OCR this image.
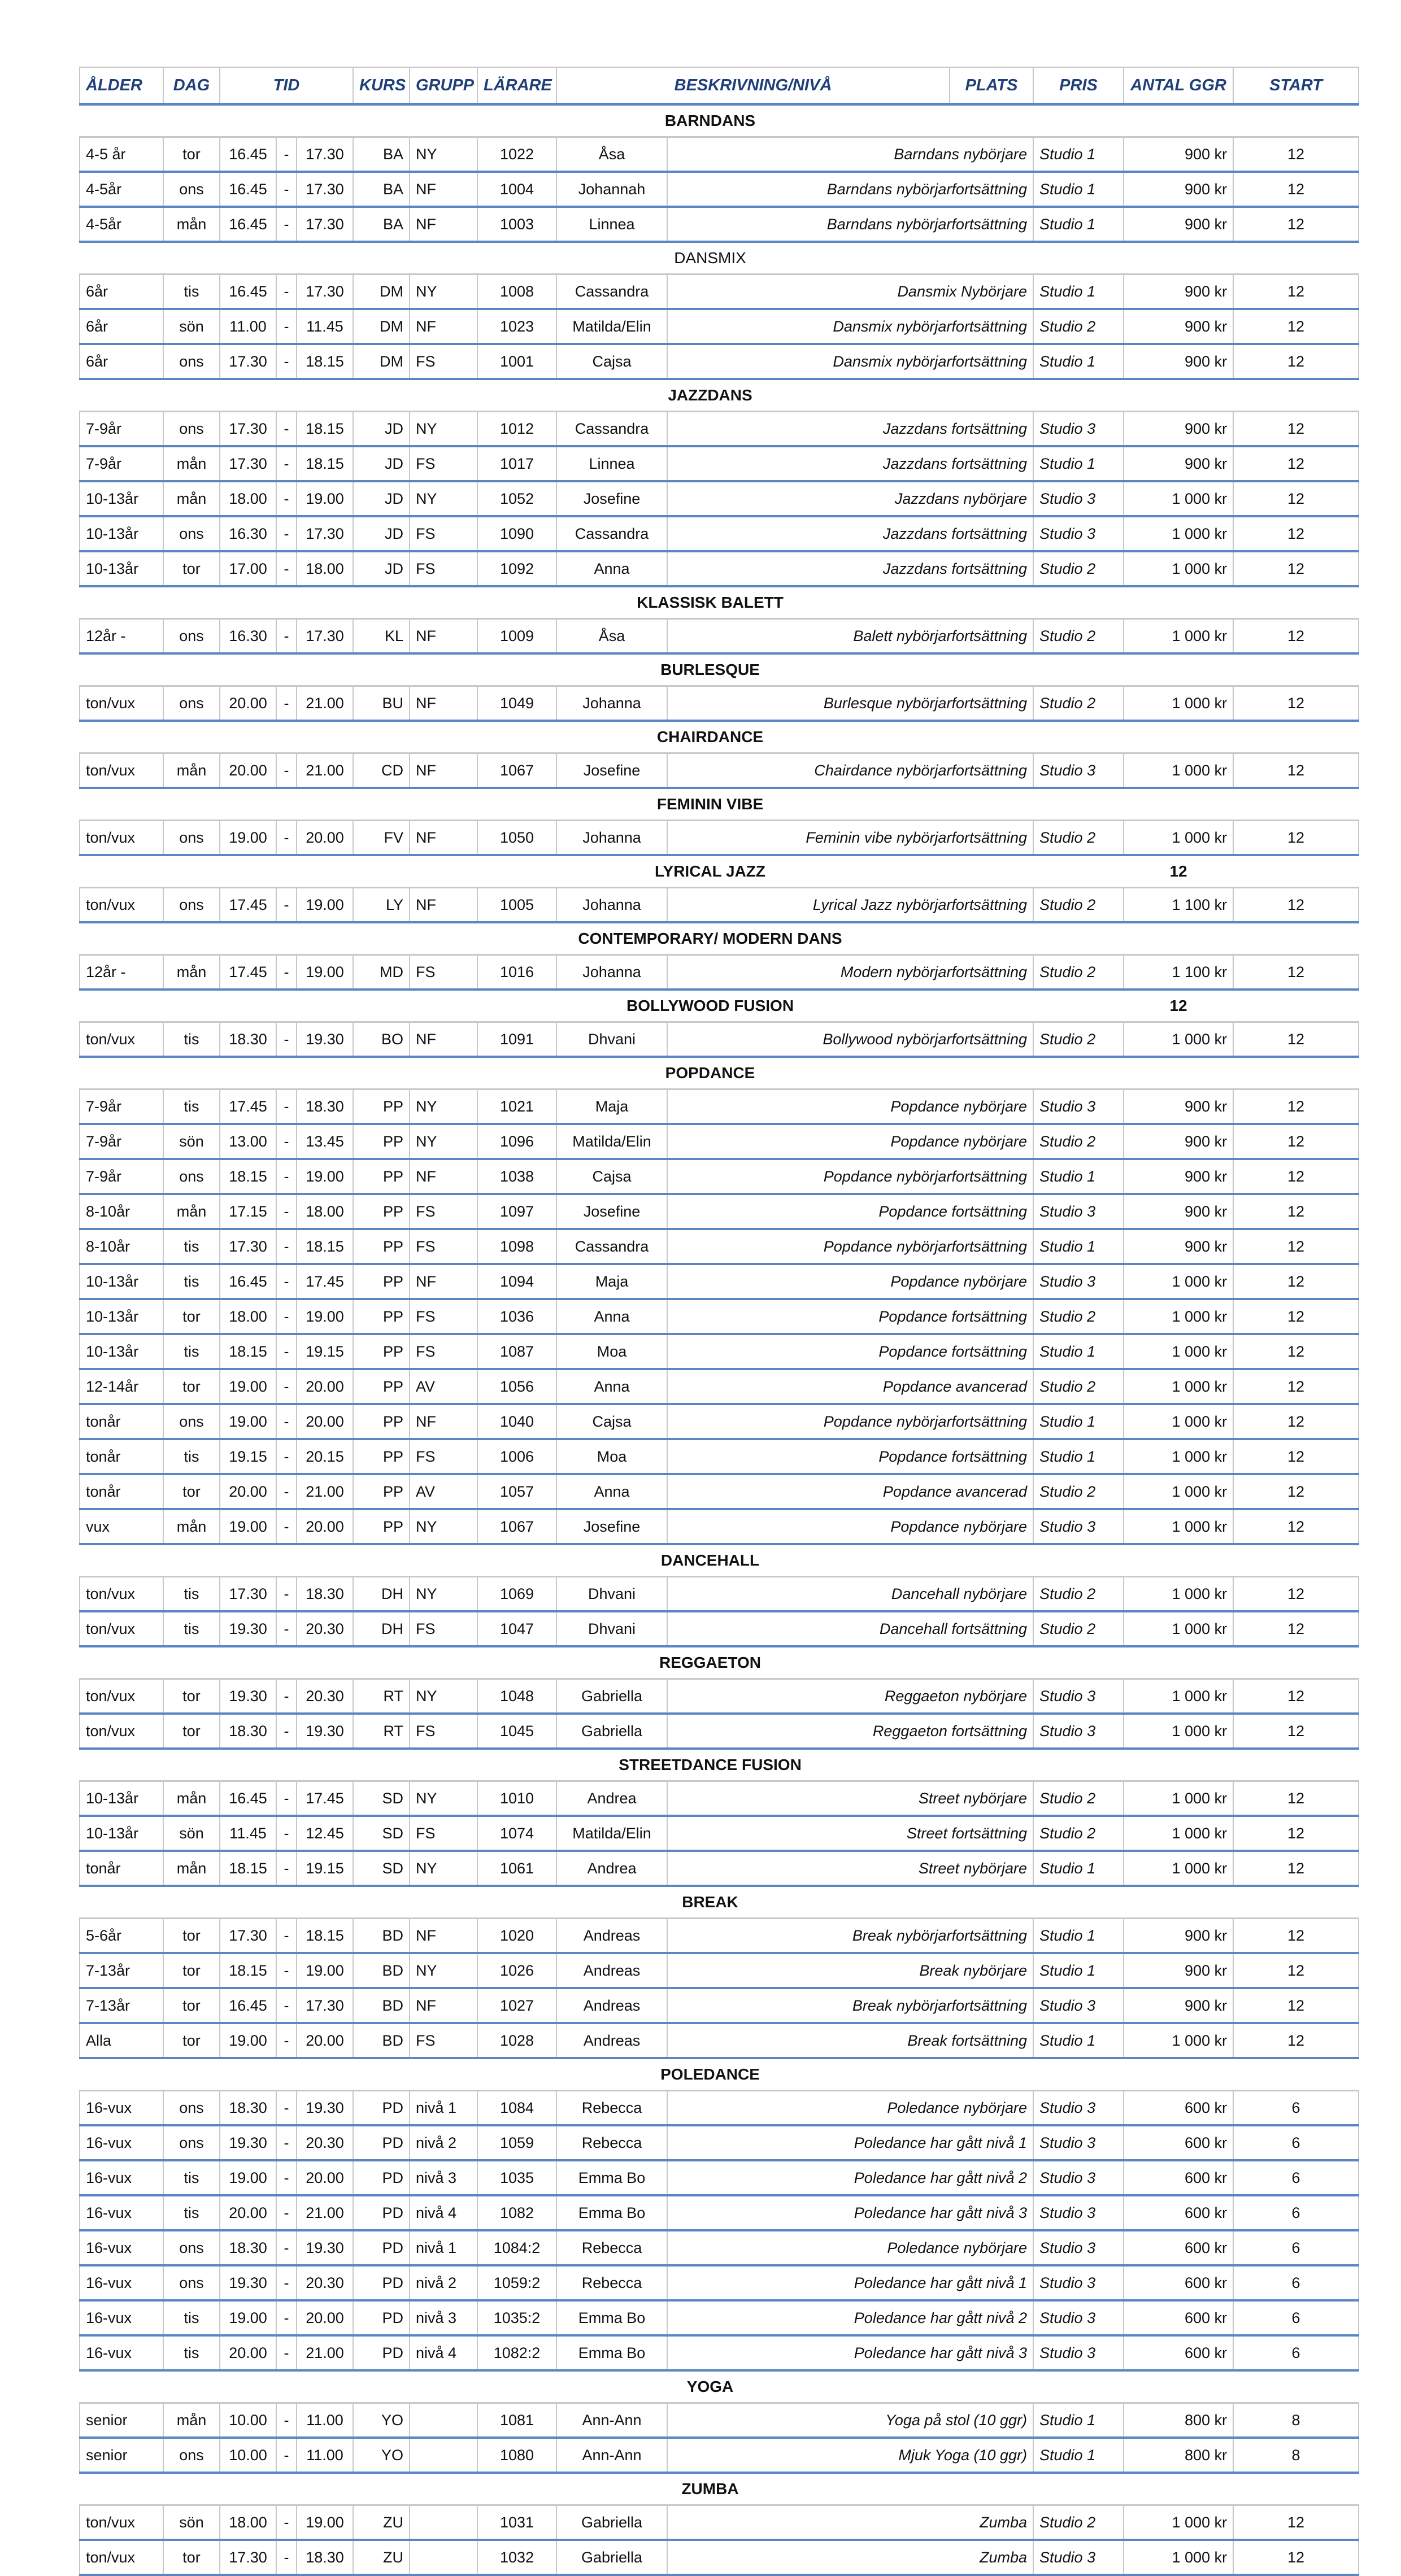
ÅLDER	DAG	TID			KURS	GRUPP	LÄRARE	BESKRIVNING/NIVÅ		PLATS	PRIS	ANTAL GGR	START	
				BARNDANS										
4-5 år	tor	16.45	-	17.30	BA	NY	1022	Åsa	Barndans nybörjare		Studio 1	900 kr	12	
4-5år	ons	16.45	-	17.30	BA	NF	1004	Johannah	Barndans nybörjarfortsättning		Studio 1	900 kr	12	
4-5år	mån	16.45	-	17.30	BA	NF	1003	Linnea	Barndans nybörjarfortsättning		Studio 1	900 kr	12	
				DANSMIX										
6år	tis	16.45	-	17.30	DM	NY	1008	Cassandra	Dansmix Nybörjare		Studio 1	900 kr	12	
6år	sön	11.00	-	11.45	DM	NF	1023	Matilda/Elin	Dansmix nybörjarfortsättning		Studio 2	900 kr	12	
6år	ons	17.30	-	18.15	DM	FS	1001	Cajsa	Dansmix nybörjarfortsättning		Studio 1	900 kr	12	
				JAZZDANS										
7-9år	ons	17.30	-	18.15	JD	NY	1012	Cassandra	Jazzdans fortsättning		Studio 3	900 kr	12	
7-9år	mån	17.30	-	18.15	JD	FS	1017	Linnea	Jazzdans fortsättning		Studio 1	900 kr	12	
10-13år	mån	18.00	-	19.00	JD	NY	1052	Josefine	Jazzdans nybörjare		Studio 3	1 000 kr	12	
10-13år	ons	16.30	-	17.30	JD	FS	1090	Cassandra	Jazzdans fortsättning		Studio 3	1 000 kr	12	
10-13år	tor	17.00	-	18.00	JD	FS	1092	Anna	Jazzdans fortsättning		Studio 2	1 000 kr	12	
				KLASSISK BALETT										
12år -	ons	16.30	-	17.30	KL	NF	1009	Åsa	Balett nybörjarfortsättning		Studio 2	1 000 kr	12	
				BURLESQUE										
ton/vux	ons	20.00	-	21.00	BU	NF	1049	Johanna	Burlesque nybörjarfortsättning		Studio 2	1 000 kr	12	
				CHAIRDANCE										
ton/vux	mån	20.00	-	21.00	CD	NF	1067	Josefine	Chairdance nybörjarfortsättning		Studio 3	1 000 kr	12	
				FEMININ VIBE										
ton/vux	ons	19.00	-	20.00	FV	NF	1050	Johanna	Feminin vibe nybörjarfortsättning		Studio 2	1 000 kr	12	
				LYRICAL JAZZ								12		
ton/vux	ons	17.45	-	19.00	LY	NF	1005	Johanna	Lyrical Jazz nybörjarfortsättning		Studio 2	1 100 kr	12	
				CONTEMPORARY/ MODERN DANS										
12år -	mån	17.45	-	19.00	MD	FS	1016	Johanna	Modern nybörjarfortsättning		Studio 2	1 100 kr	12	
				BOLLYWOOD FUSION								12		
ton/vux	tis	18.30	-	19.30	BO	NF	1091	Dhvani	Bollywood nybörjarfortsättning		Studio 2	1 000 kr	12	
				POPDANCE										
7-9år	tis	17.45	-	18.30	PP	NY	1021	Maja	Popdance nybörjare		Studio 3	900 kr	12	
7-9år	sön	13.00	-	13.45	PP	NY	1096	Matilda/Elin	Popdance nybörjare		Studio 2	900 kr	12	
7-9år	ons	18.15	-	19.00	PP	NF	1038	Cajsa	Popdance nybörjarfortsättning		Studio 1	900 kr	12	
8-10år	mån	17.15	-	18.00	PP	FS	1097	Josefine	Popdance fortsättning		Studio 3	900 kr	12	
8-10år	tis	17.30	-	18.15	PP	FS	1098	Cassandra	Popdance nybörjarfortsättning		Studio 1	900 kr	12	
10-13år	tis	16.45	-	17.45	PP	NF	1094	Maja	Popdance nybörjare		Studio 3	1 000 kr	12	
10-13år	tor	18.00	-	19.00	PP	FS	1036	Anna	Popdance fortsättning		Studio 2	1 000 kr	12	
10-13år	tis	18.15	-	19.15	PP	FS	1087	Moa	Popdance fortsättning		Studio 1	1 000 kr	12	
12-14år	tor	19.00	-	20.00	PP	AV	1056	Anna	Popdance avancerad		Studio 2	1 000 kr	12	
tonår	ons	19.00	-	20.00	PP	NF	1040	Cajsa	Popdance nybörjarfortsättning		Studio 1	1 000 kr	12	
tonår	tis	19.15	-	20.15	PP	FS	1006	Moa	Popdance fortsättning		Studio 1	1 000 kr	12	
tonår	tor	20.00	-	21.00	PP	AV	1057	Anna	Popdance avancerad		Studio 2	1 000 kr	12	
vux	mån	19.00	-	20.00	PP	NY	1067	Josefine	Popdance nybörjare		Studio 3	1 000 kr	12	
				DANCEHALL										
ton/vux	tis	17.30	-	18.30	DH	NY	1069	Dhvani	Dancehall nybörjare		Studio 2	1 000 kr	12	
ton/vux	tis	19.30	-	20.30	DH	FS	1047	Dhvani	Dancehall fortsättning		Studio 2	1 000 kr	12	
				REGGAETON										
ton/vux	tor	19.30	-	20.30	RT	NY	1048	Gabriella	Reggaeton nybörjare		Studio 3	1 000 kr	12	
ton/vux	tor	18.30	-	19.30	RT	FS	1045	Gabriella	Reggaeton fortsättning		Studio 3	1 000 kr	12	
				STREETDANCE FUSION										
10-13år	mån	16.45	-	17.45	SD	NY	1010	Andrea	Street nybörjare		Studio 2	1 000 kr	12	
10-13år	sön	11.45	-	12.45	SD	FS	1074	Matilda/Elin	Street fortsättning		Studio 2	1 000 kr	12	
tonår	mån	18.15	-	19.15	SD	NY	1061	Andrea	Street nybörjare		Studio 1	1 000 kr	12	
				BREAK										
5-6år	tor	17.30	-	18.15	BD	NF	1020	Andreas	Break nybörjarfortsättning		Studio 1	900 kr	12	
7-13år	tor	18.15	-	19.00	BD	NY	1026	Andreas	Break nybörjare		Studio 1	900 kr	12	
7-13år	tor	16.45	-	17.30	BD	NF	1027	Andreas	Break nybörjarfortsättning		Studio 3	900 kr	12	
Alla	tor	19.00	-	20.00	BD	FS	1028	Andreas	Break fortsättning		Studio 1	1 000 kr	12	
				POLEDANCE										
16-vux	ons	18.30	-	19.30	PD	nivå 1	1084	Rebecca	Poledance nybörjare		Studio 3	600 kr	6	
16-vux	ons	19.30	-	20.30	PD	nivå 2	1059	Rebecca	Poledance har gått nivå 1		Studio 3	600 kr	6	
16-vux	tis	19.00	-	20.00	PD	nivå 3	1035	Emma Bo	Poledance har gått nivå 2		Studio 3	600 kr	6	
16-vux	tis	20.00	-	21.00	PD	nivå 4	1082	Emma Bo	Poledance har gått nivå 3		Studio 3	600 kr	6	
16-vux	ons	18.30	-	19.30	PD	nivå 1	1084:2	Rebecca	Poledance nybörjare		Studio 3	600 kr	6	
16-vux	ons	19.30	-	20.30	PD	nivå 2	1059:2	Rebecca	Poledance har gått nivå 1		Studio 3	600 kr	6	
16-vux	tis	19.00	-	20.00	PD	nivå 3	1035:2	Emma Bo	Poledance har gått nivå 2		Studio 3	600 kr	6	
16-vux	tis	20.00	-	21.00	PD	nivå 4	1082:2	Emma Bo	Poledance har gått nivå 3		Studio 3	600 kr	6	
				YOGA										
senior	mån	10.00	-	11.00	YO		1081	Ann-Ann	Yoga på stol (10 ggr)		Studio 1	800 kr	8	
senior	ons	10.00	-	11.00	YO		1080	Ann-Ann	Mjuk Yoga (10 ggr)		Studio 1	800 kr	8	
				ZUMBA										
ton/vux	sön	18.00	-	19.00	ZU		1031	Gabriella	Zumba		Studio 2	1 000 kr	12	
ton/vux	tor	17.30	-	18.30	ZU		1032	Gabriella	Zumba		Studio 3	1 000 kr	12	
